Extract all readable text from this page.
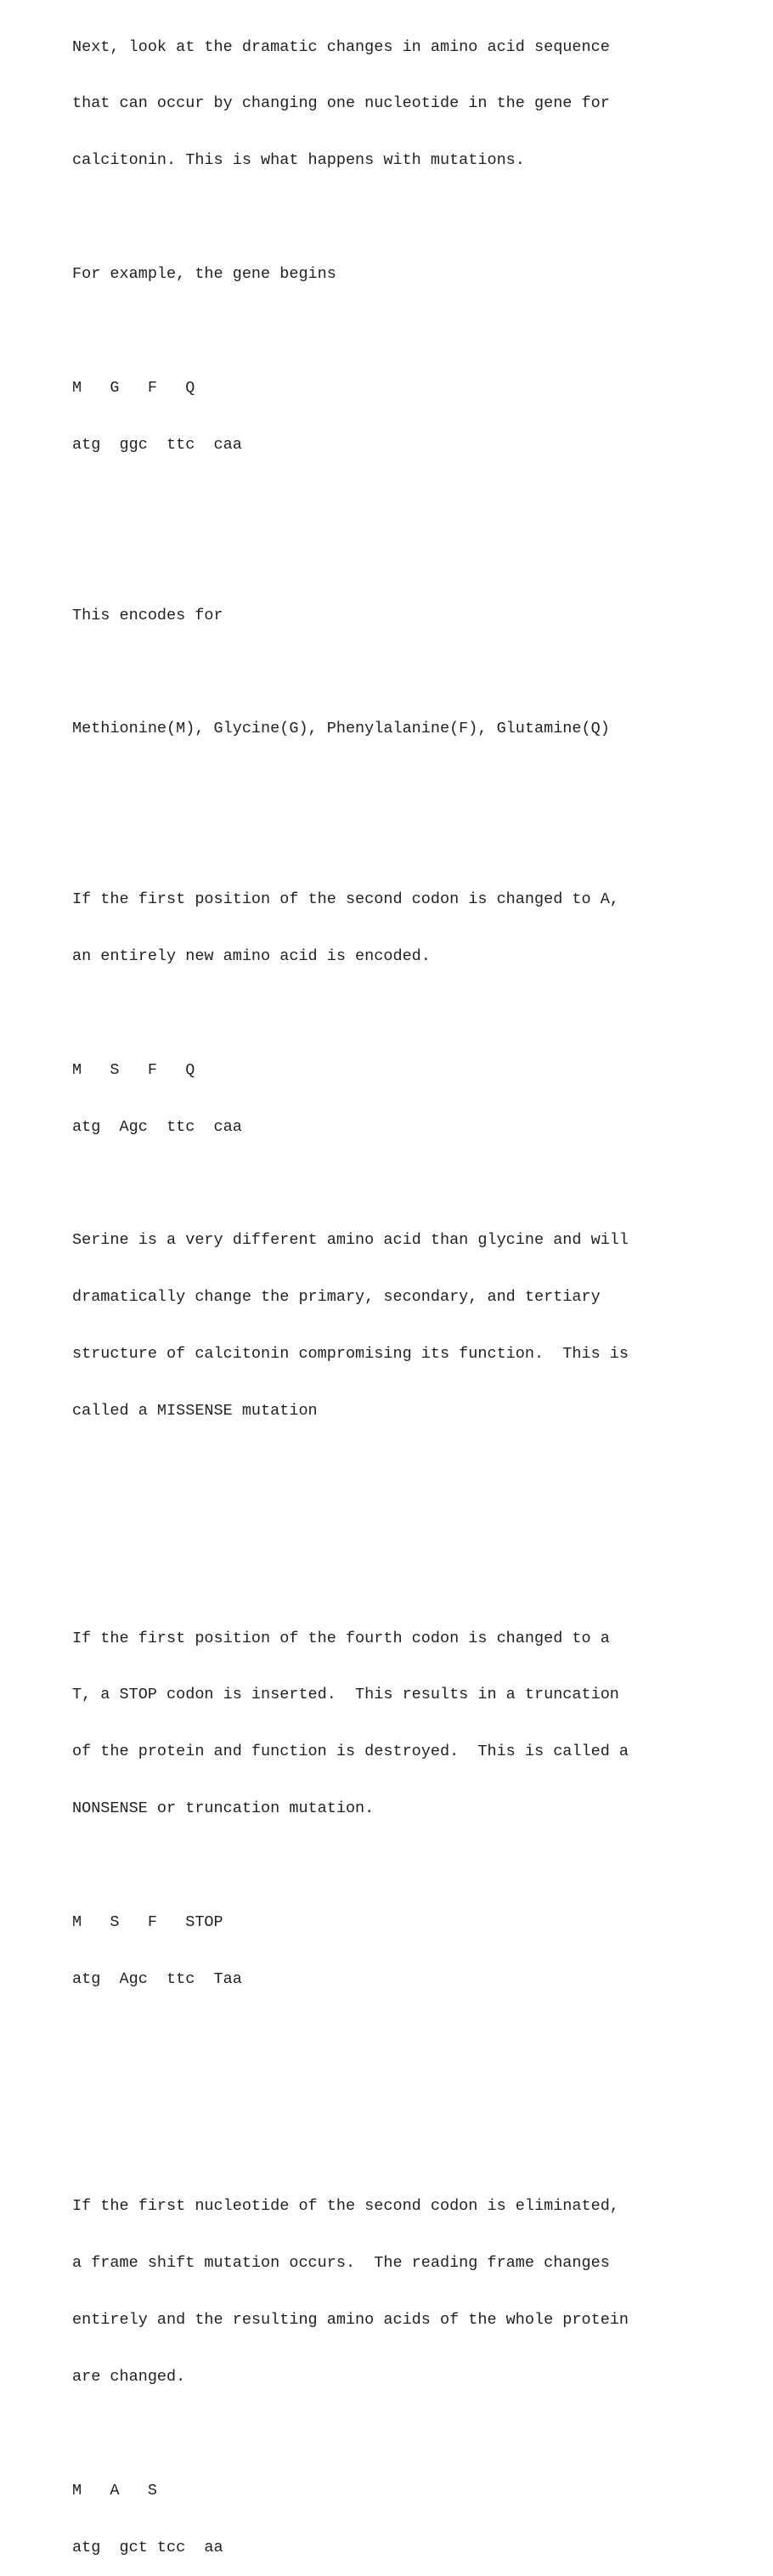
Next, look at the dramatic changes in amino acid sequence

that can occur by changing one nucleotide in the gene for

calcitonin. This is what happens with mutations.

For example, the gene begins

M   G   F   Q

atg  ggc  ttc  caa

This encodes for

Methionine(M), Glycine(G), Phenylalanine(F), Glutamine(Q)

If the first position of the second codon is changed to A,

an entirely new amino acid is encoded.

M   S   F   Q

atg  Agc  ttc  caa

Serine is a very different amino acid than glycine and will

dramatically change the primary, secondary, and tertiary

structure of calcitonin compromising its function.  This is

called a MISSENSE mutation

If the first position of the fourth codon is changed to a

T, a STOP codon is inserted.  This results in a truncation

of the protein and function is destroyed.  This is called a

NONSENSE or truncation mutation.

M   S   F   STOP

atg  Agc  ttc  Taa

If the first nucleotide of the second codon is eliminated,

a frame shift mutation occurs.  The reading frame changes

entirely and the resulting amino acids of the whole protein

are changed.

M   A   S

atg  gct tcc  aa
